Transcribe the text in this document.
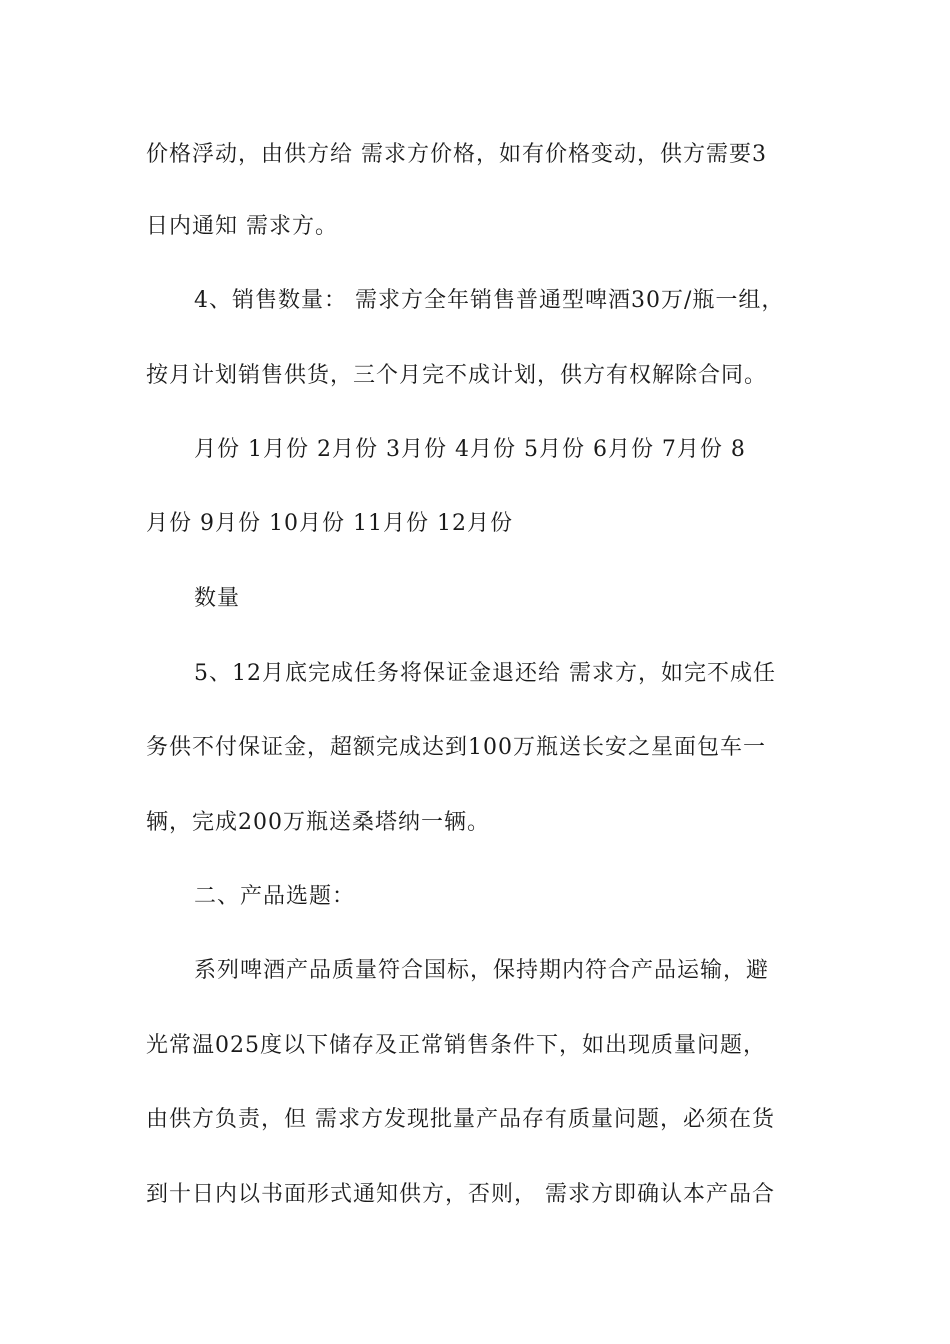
价格浮动，由供方给 需求方价格，如有价格变动，供方需要3
日内通知 需求方。
4、销售数量： 需求方全年销售普通型啤酒30万/瓶一组，
按月计划销售供货，三个月完不成计划，供方有权解除合同。
月份 1月份 2月份 3月份 4月份 5月份 6月份 7月份 8
月份 9月份 10月份 11月份 12月份
数量
5、12月底完成任务将保证金退还给 需求方，如完不成任
务供不付保证金，超额完成达到100万瓶送长安之星面包车一
辆，完成200万瓶送桑塔纳一辆。
二、产品选题：
系列啤酒产品质量符合国标，保持期内符合产品运输，避
光常温025度以下储存及正常销售条件下，如出现质量问题，
由供方负责，但 需求方发现批量产品存有质量问题，必须在货
到十日内以书面形式通知供方，否则， 需求方即确认本产品合
